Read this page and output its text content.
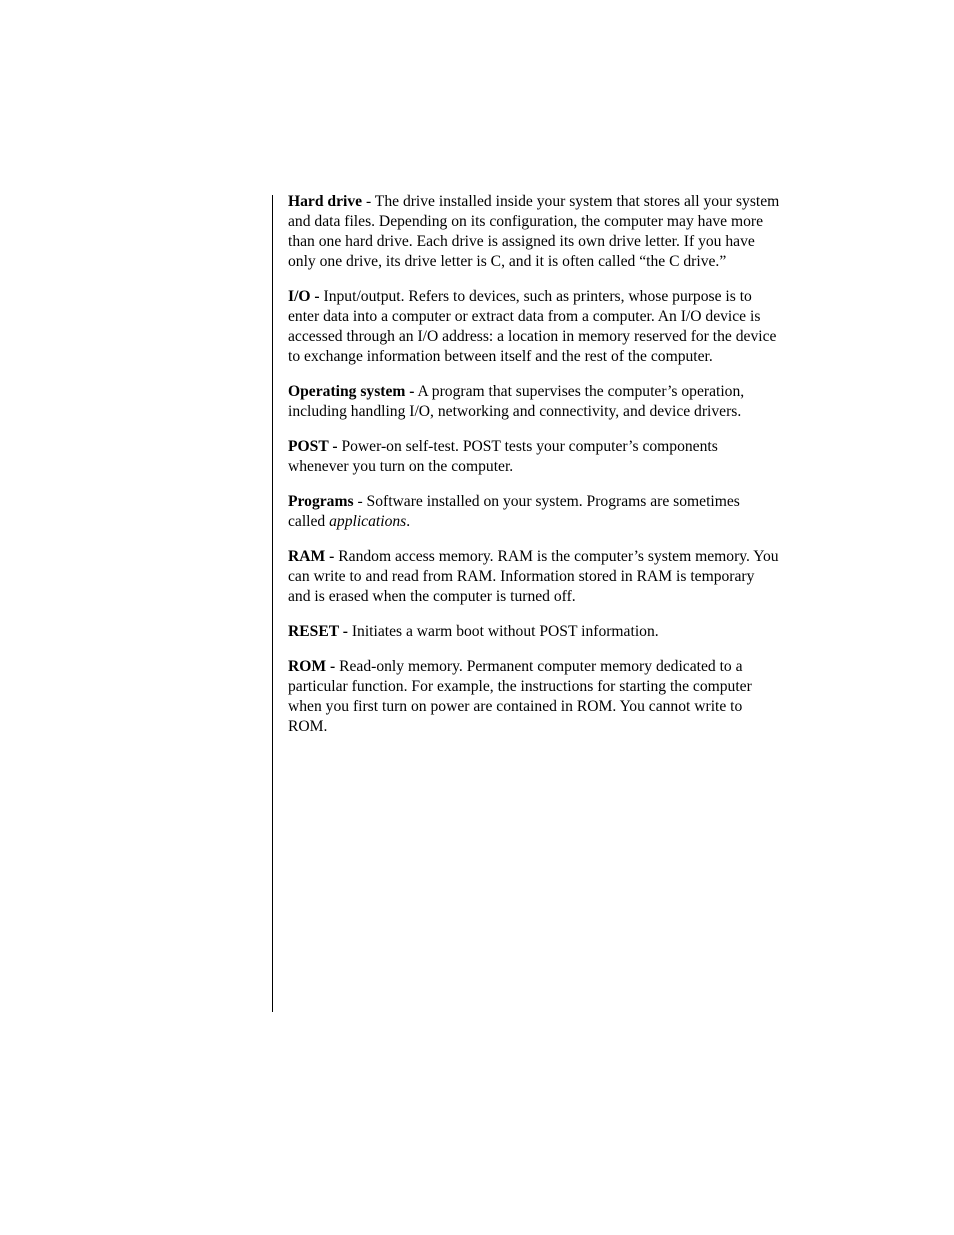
Hard drive - The drive installed inside your system that stores all your system and data files. Depending on its configuration, the computer may have more than one hard drive. Each drive is assigned its own drive letter. If you have only one drive, its drive letter is C, and it is often called “the C drive.”

I/O - Input/output. Refers to devices, such as printers, whose purpose is to enter data into a computer or extract data from a computer. An I/O device is accessed through an I/O address: a location in memory reserved for the device to exchange information between itself and the rest of the computer.

Operating system - A program that supervises the computer’s operation, including handling I/O, networking and connectivity, and device drivers.

POST - Power-on self-test. POST tests your computer’s components whenever you turn on the computer.

Programs - Software installed on your system. Programs are sometimes called applications.

RAM - Random access memory. RAM is the computer’s system memory. You can write to and read from RAM. Information stored in RAM is temporary and is erased when the computer is turned off.

RESET - Initiates a warm boot without POST information.

ROM - Read-only memory. Permanent computer memory dedicated to a particular function. For example, the instructions for starting the computer when you first turn on power are contained in ROM. You cannot write to ROM.
